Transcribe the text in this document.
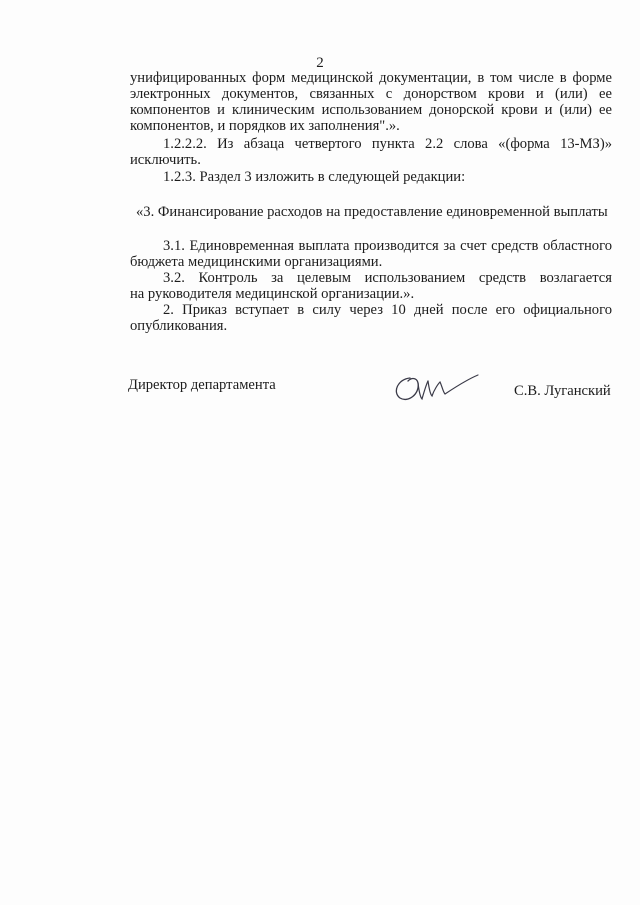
2
унифицированных форм медицинской документации, в том числе в форме
электронных документов, связанных с донорством крови и (или) ее
компонентов и клиническим использованием донорской крови и (или) ее
компонентов, и порядков их заполнения".».
1.2.2.2. Из абзаца четвертого пункта 2.2 слова «(форма 13-МЗ)»
исключить.
1.2.3. Раздел 3 изложить в следующей редакции:
«3. Финансирование расходов на предоставление единовременной выплаты
3.1. Единовременная выплата производится за счет средств областного
бюджета медицинскими организациями.
3.2. Контроль за целевым использованием средств возлагается
на руководителя медицинской организации.».
2. Приказ вступает в силу через 10 дней после его официального
опубликования.
Директор департамента	С.В. Луганский
